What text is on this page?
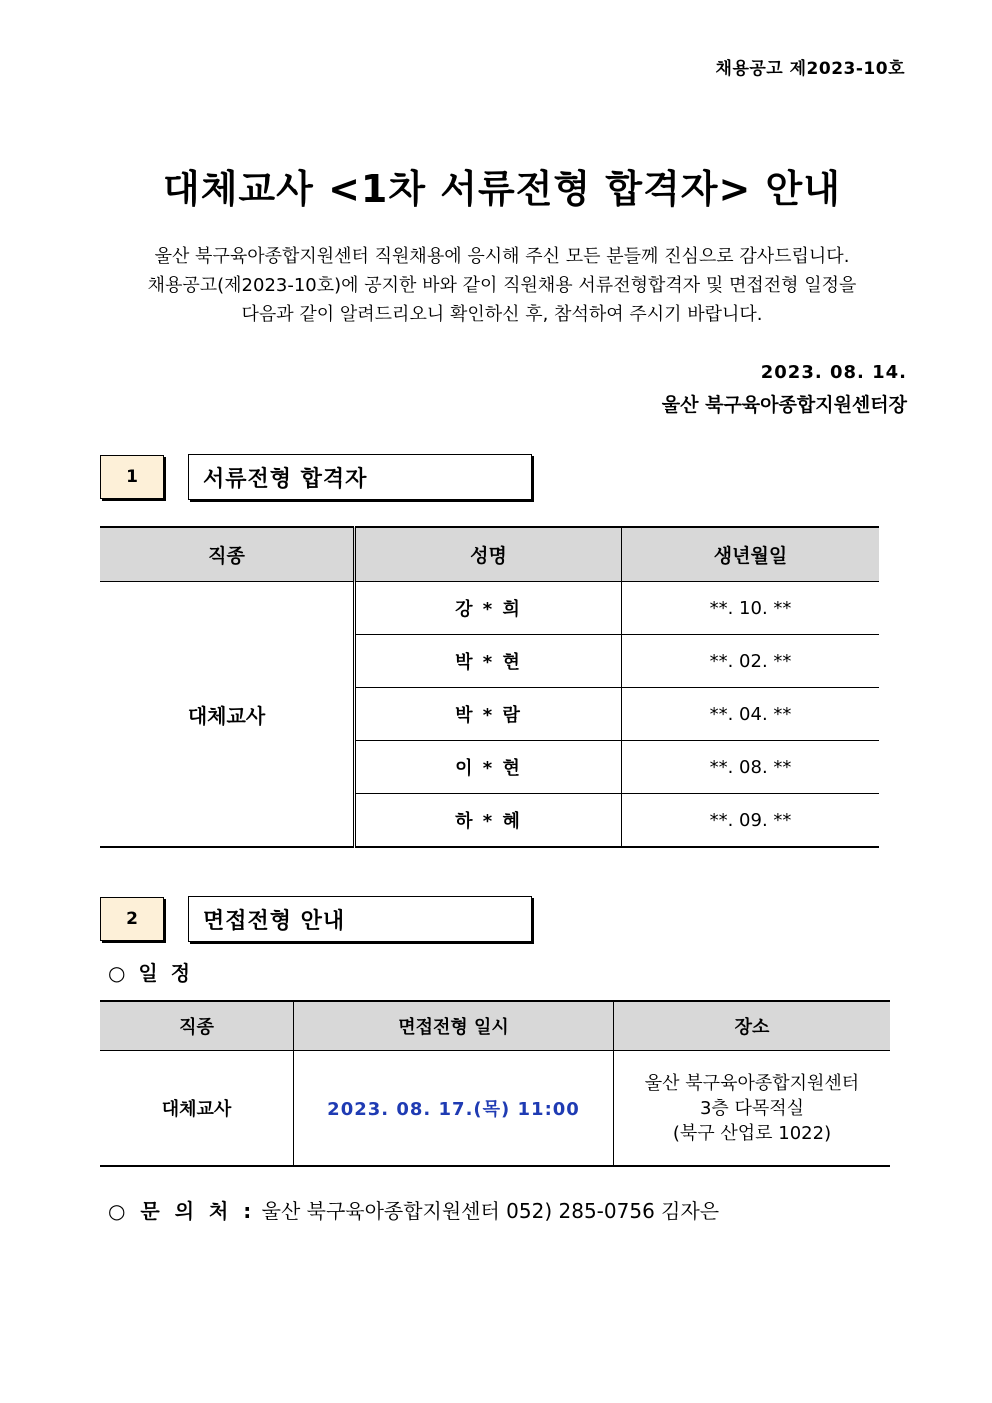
채용공고 제2023-10호
대체교사 <1차 서류전형 합격자> 안내
울산 북구육아종합지원센터 직원채용에 응시해 주신 모든 분들께 진심으로 감사드립니다.
채용공고(제2023-10호)에 공지한 바와 같이 직원채용 서류전형합격자 및 면접전형 일정을
다음과 같이 알려드리오니 확인하신 후, 참석하여 주시기 바랍니다.
2023. 08. 14.
울산 북구육아종합지원센터장
1	서류전형 합격자
직종	성명	생년월일
대체교사	강 * 희	**. 10. **
	박 * 현	**. 02. **
	박 * 람	**. 04. **
	이 * 현	**. 08. **
	하 * 혜	**. 09. **
2	면접전형 안내
○ 일 정
직종	면접전형 일시	장소
대체교사	2023. 08. 17.(목) 11:00	울산 북구육아종합지원센터
3층 다목적실
(북구 산업로 1022)
○ 문 의 처 : 울산 북구육아종합지원센터 052) 285-0756 김자은
